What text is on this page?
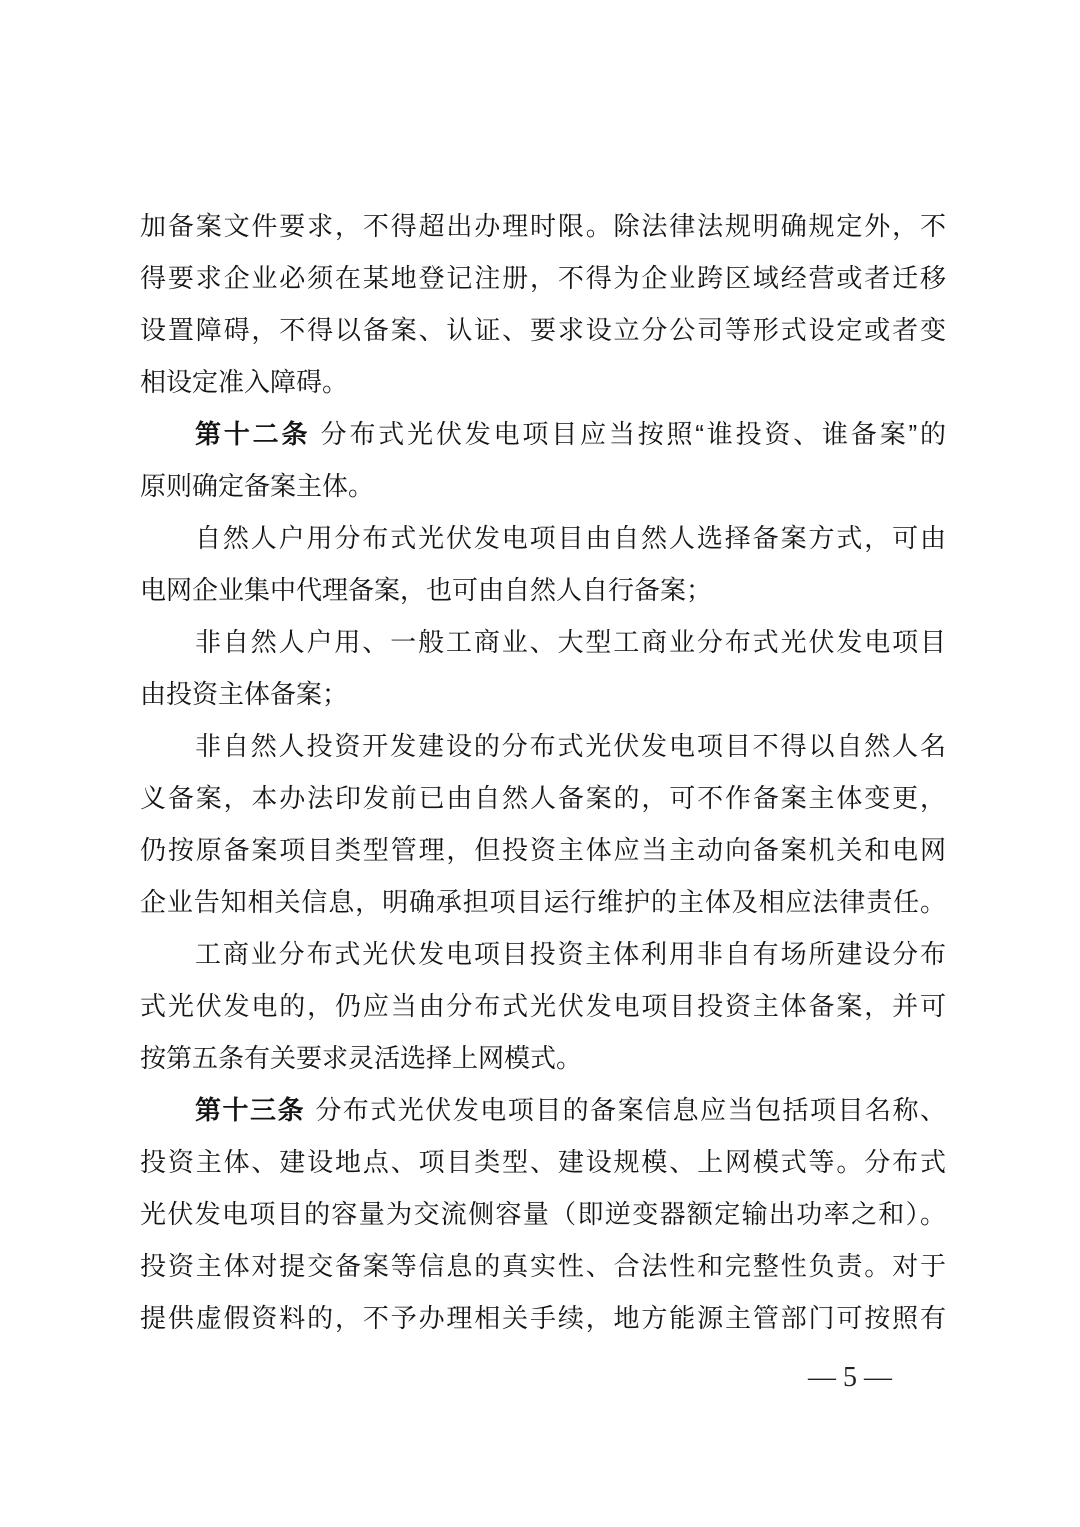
加备案文件要求，不得超出办理时限。除法律法规明确规定外，不
得要求企业必须在某地登记注册，不得为企业跨区域经营或者迁移
设置障碍，不得以备案、认证、要求设立分公司等形式设定或者变
相设定准入障碍。
第十二条 分布式光伏发电项目应当按照“谁投资、谁备案”的
原则确定备案主体。
自然人户用分布式光伏发电项目由自然人选择备案方式，可由
电网企业集中代理备案，也可由自然人自行备案；
非自然人户用、一般工商业、大型工商业分布式光伏发电项目
由投资主体备案；
非自然人投资开发建设的分布式光伏发电项目不得以自然人名
义备案，本办法印发前已由自然人备案的，可不作备案主体变更，
仍按原备案项目类型管理，但投资主体应当主动向备案机关和电网
企业告知相关信息，明确承担项目运行维护的主体及相应法律责任。
工商业分布式光伏发电项目投资主体利用非自有场所建设分布
式光伏发电的，仍应当由分布式光伏发电项目投资主体备案，并可
按第五条有关要求灵活选择上网模式。
第十三条 分布式光伏发电项目的备案信息应当包括项目名称、
投资主体、建设地点、项目类型、建设规模、上网模式等。分布式
光伏发电项目的容量为交流侧容量（即逆变器额定输出功率之和）。
投资主体对提交备案等信息的真实性、合法性和完整性负责。对于
提供虚假资料的，不予办理相关手续，地方能源主管部门可按照有
— 5 —
